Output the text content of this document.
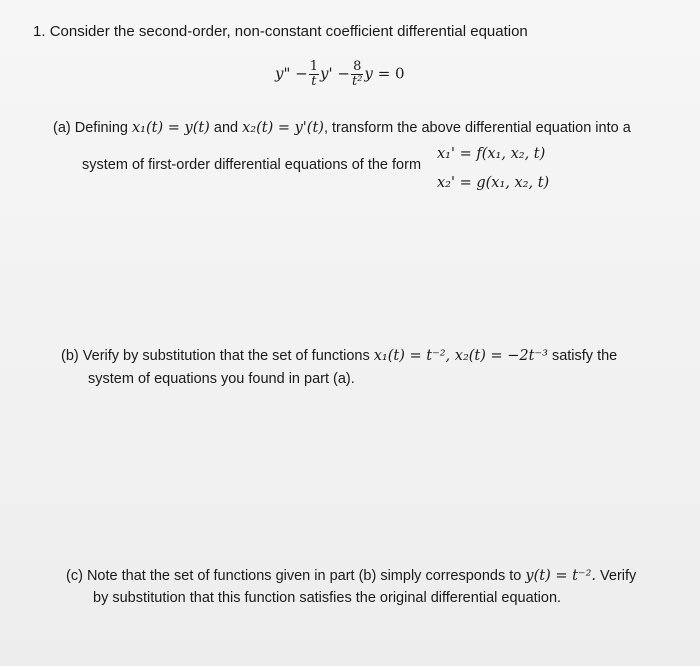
1. Consider the second-order, non-constant coefficient differential equation
y" − $\frac{1}{t} y' - \frac{8}{\text{t²}}$ y = 0
(a) Defining x₁(t) = y(t) and x₂(t) = y'(t), transform the above differential equation into a
system of first-order differential equations of the form
x₁' = f(x₁, x₂, t)
x₂' = g(x₁, x₂, t)
(b) Verify by substitution that the set of functions x₁(t) = t⁻², x₂(t) = −2t⁻³ satisfy the
system of equations you found in part (a).
(c) Note that the set of functions given in part (b) simply corresponds to y(t) = t⁻². Verify
by substitution that this function satisfies the original differential equation.
